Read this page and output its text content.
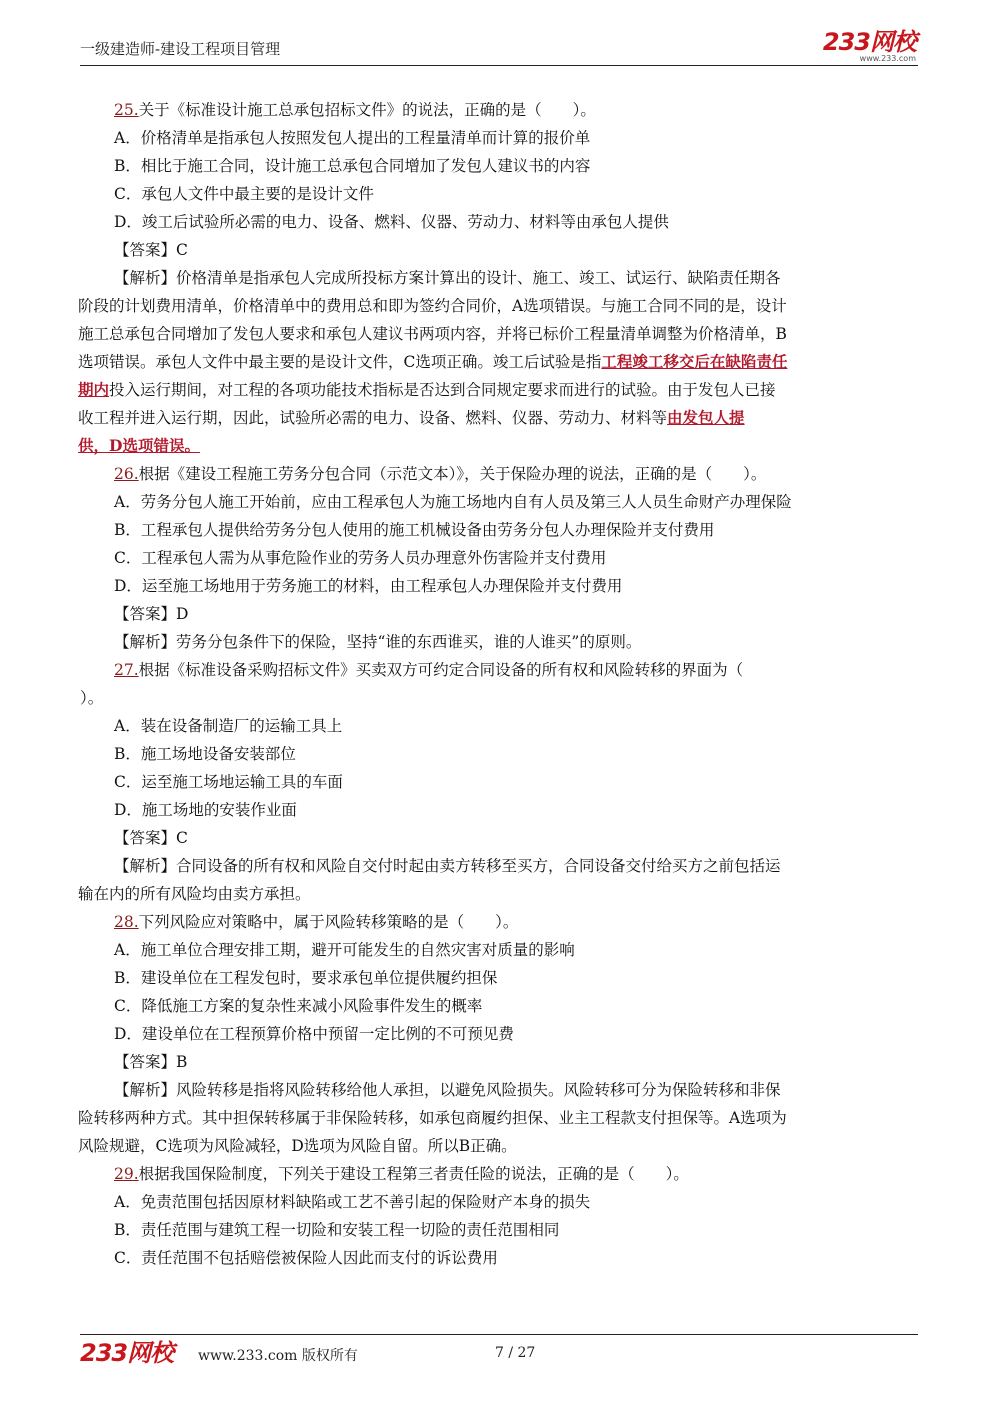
一级建造师-建设工程项目管理	233网校
www.233.com
25.关于《标准设计施工总承包招标文件》的说法，正确的是（　　）。
A．价格清单是指承包人按照发包人提出的工程量清单而计算的报价单
B．相比于施工合同，设计施工总承包合同增加了发包人建议书的内容
C．承包人文件中最主要的是设计文件
D．竣工后试验所必需的电力、设备、燃料、仪器、劳动力、材料等由承包人提供
【答案】C
【解析】价格清单是指承包人完成所投标方案计算出的设计、施工、竣工、试运行、缺陷责任期各
阶段的计划费用清单，价格清单中的费用总和即为签约合同价，A选项错误。与施工合同不同的是，设计
施工总承包合同增加了发包人要求和承包人建议书两项内容，并将已标价工程量清单调整为价格清单，B
选项错误。承包人文件中最主要的是设计文件，C选项正确。竣工后试验是指工程竣工移交后在缺陷责任
期内投入运行期间，对工程的各项功能技术指标是否达到合同规定要求而进行的试验。由于发包人已接
收工程并进入运行期，因此，试验所必需的电力、设备、燃料、仪器、劳动力、材料等由发包人提
供，D选项错误。
26.根据《建设工程施工劳务分包合同（示范文本）》，关于保险办理的说法，正确的是（　　）。
A．劳务分包人施工开始前，应由工程承包人为施工场地内自有人员及第三人人员生命财产办理保险
B．工程承包人提供给劳务分包人使用的施工机械设备由劳务分包人办理保险并支付费用
C．工程承包人需为从事危险作业的劳务人员办理意外伤害险并支付费用
D．运至施工场地用于劳务施工的材料，由工程承包人办理保险并支付费用
【答案】D
【解析】劳务分包条件下的保险，坚持“谁的东西谁买，谁的人谁买”的原则。
27.根据《标准设备采购招标文件》买卖双方可约定合同设备的所有权和风险转移的界面为（
）。
A．装在设备制造厂的运输工具上
B．施工场地设备安装部位
C．运至施工场地运输工具的车面
D．施工场地的安装作业面
【答案】C
【解析】合同设备的所有权和风险自交付时起由卖方转移至买方，合同设备交付给买方之前包括运
输在内的所有风险均由卖方承担。
28.下列风险应对策略中，属于风险转移策略的是（　　）。
A．施工单位合理安排工期，避开可能发生的自然灾害对质量的影响
B．建设单位在工程发包时，要求承包单位提供履约担保
C．降低施工方案的复杂性来减小风险事件发生的概率
D．建设单位在工程预算价格中预留一定比例的不可预见费
【答案】B
【解析】风险转移是指将风险转移给他人承担，以避免风险损失。风险转移可分为保险转移和非保
险转移两种方式。其中担保转移属于非保险转移，如承包商履约担保、业主工程款支付担保等。A选项为
风险规避，C选项为风险减轻，D选项为风险自留。所以B正确。
29.根据我国保险制度，下列关于建设工程第三者责任险的说法，正确的是（　　）。
A．免责范围包括因原材料缺陷或工艺不善引起的保险财产本身的损失
B．责任范围与建筑工程一切险和安装工程一切险的责任范围相同
C．责任范围不包括赔偿被保险人因此而支付的诉讼费用
233网校 www.233.com 版权所有	7 / 27
